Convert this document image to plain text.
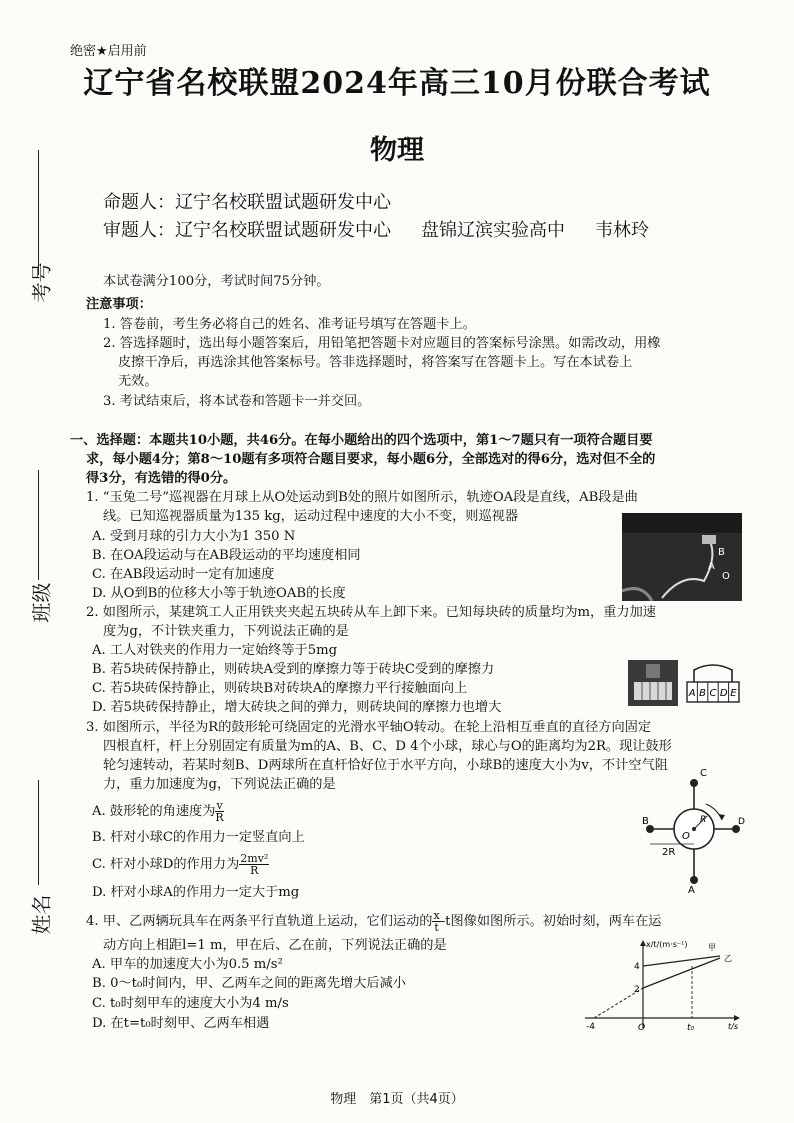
绝密★启用前
辽宁省名校联盟2024年高三10月份联合考试
物理
命题人：辽宁名校联盟试题研发中心
审题人：辽宁名校联盟试题研发中心 盘锦辽滨实验高中 韦林玲
考号
班级
姓名
本试卷满分100分，考试时间75分钟。
注意事项：
1. 答卷前，考生务必将自己的姓名、准考证号填写在答题卡上。
2. 答选择题时，选出每小题答案后，用铅笔把答题卡对应题目的答案标号涂黑。如需改动，用橡
皮擦干净后，再选涂其他答案标号。答非选择题时，将答案写在答题卡上。写在本试卷上
无效。
3. 考试结束后，将本试卷和答题卡一并交回。
一、选择题：本题共10小题，共46分。在每小题给出的四个选项中，第1～7题只有一项符合题目要
求，每小题4分；第8～10题有多项符合题目要求，每小题6分，全部选对的得6分，选对但不全的
得3分，有选错的得0分。
1. “玉兔二号”巡视器在月球上从O处运动到B处的照片如图所示，轨迹OA段是直线，AB段是曲
线。已知巡视器质量为135 kg，运动过程中速度的大小不变，则巡视器
A. 受到月球的引力大小为1 350 N
B. 在OA段运动与在AB段运动的平均速度相同
C. 在AB段运动时一定有加速度
D. 从O到B的位移大小等于轨迹OAB的长度
B
A
O
2. 如图所示，某建筑工人正用铁夹夹起五块砖从车上卸下来。已知每块砖的质量均为m，重力加速
度为g，不计铁夹重力，下列说法正确的是
A. 工人对铁夹的作用力一定始终等于5mg
B. 若5块砖保持静止，则砖块A受到的摩擦力等于砖块C受到的摩擦力
C. 若5块砖保持静止，则砖块B对砖块A的摩擦力平行接触面向上
D. 若5块砖保持静止，增大砖块之间的弹力，则砖块间的摩擦力也增大
A B C D E
3. 如图所示，半径为R的鼓形轮可绕固定的光滑水平轴O转动。在轮上沿相互垂直的直径方向固定
四根直杆，杆上分别固定有质量为m的A、B、C、D 4个小球，球心与O的距离均为2R。现让鼓形
轮匀速转动，若某时刻B、D两球所在直杆恰好位于水平方向，小球B的速度大小为v，不计空气阻
力，重力加速度为g，下列说法正确的是
A. 鼓形轮的角速度为 $\frac{v}{R}$
B. 杆对小球C的作用力一定竖直向上
C. 杆对小球D的作用力为 $\frac{\text{2mv²}}{R}$
D. 杆对小球A的作用力一定大于mg
C
B	D
A
O
R
2R
4. 甲、乙两辆玩具车在两条平行直轨道上运动，它们运动的 $\frac{x}{t} -t$图像如图所示。初始时刻，两车在运
动方向上相距l=1 m，甲在后、乙在前，下列说法正确的是
A. 甲车的加速度大小为0.5 m/s²
B. 0～t₀时间内，甲、乙两车之间的距离先增大后减小
C. t₀时刻甲车的速度大小为4 m/s
D. 在t=t₀时刻甲、乙两车相遇
x/t/(m·s⁻¹)	甲
乙
4
2
-4	O	t₀	t/s
物理　第1页（共4页）
